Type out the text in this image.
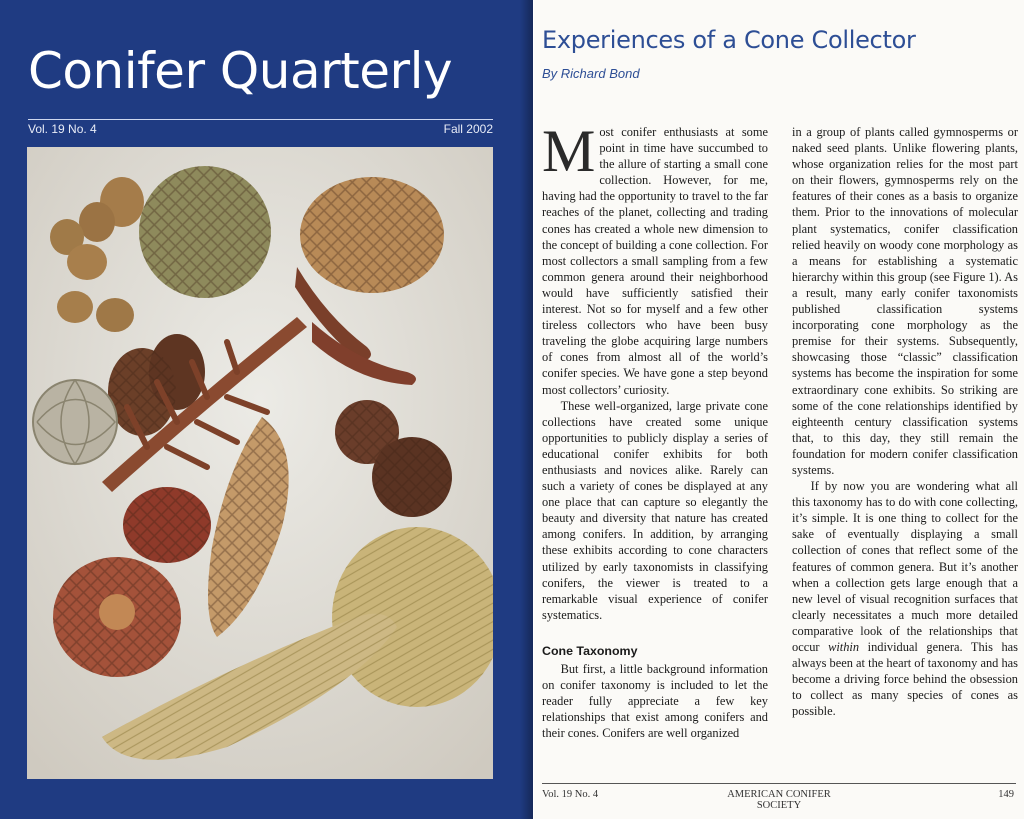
Conifer Quarterly
Vol. 19 No. 4	Fall 2002
Experiences of a Cone Collector
By Richard Bond

Most conifer enthusiasts at some point in time have succumbed to the allure of starting a small cone collection. However, for me, having had the opportunity to travel to the far reaches of the planet, collecting and trading cones has created a whole new dimension to the concept of building a cone collection. For most collectors a small sampling from a few common genera around their neighborhood would have sufficiently satisfied their interest. Not so for myself and a few other tireless collectors who have been busy traveling the globe acquiring large numbers of cones from almost all of the world’s conifer species. We have gone a step beyond most collectors’ curiosity.

These well-organized, large private cone collections have created some unique opportunities to publicly display a series of educational conifer exhibits for both enthusiasts and novices alike. Rarely can such a variety of cones be displayed at any one place that can capture so elegantly the beauty and diversity that nature has created among conifers. In addition, by arranging these exhibits according to cone characters utilized by early taxonomists in classifying conifers, the viewer is treated to a remarkable visual experience of conifer systematics.

Cone Taxonomy

But first, a little background information on conifer taxonomy is included to let the reader fully appreciate a few key relationships that exist among conifers and their cones. Conifers are well organized

in a group of plants called gymnosperms or naked seed plants. Unlike flowering plants, whose organization relies for the most part on their flowers, gymnosperms rely on the features of their cones as a basis to organize them. Prior to the innovations of molecular plant systematics, conifer classification relied heavily on woody cone morphology as a means for establishing a systematic hierarchy within this group (see Figure 1). As a result, many early conifer taxonomists published classification systems incorporating cone morphology as the premise for their systems. Subsequently, showcasing those “classic” classification systems has become the inspiration for some extraordinary cone exhibits. So striking are some of the cone relationships identified by eighteenth century classification systems that, to this day, they still remain the foundation for modern conifer classification systems.

If by now you are wondering what all this taxonomy has to do with cone collecting, it’s simple. It is one thing to collect for the sake of eventually displaying a small collection of cones that reflect some of the features of common genera. But it’s another when a collection gets large enough that a new level of visual recognition surfaces that clearly necessitates a much more detailed comparative look of the relationships that occur within individual genera. This has always been at the heart of taxonomy and has become a driving force behind the obsession to collect as many species of cones as possible.

Vol. 19 No. 4	AMERICAN CONIFER SOCIETY
149
